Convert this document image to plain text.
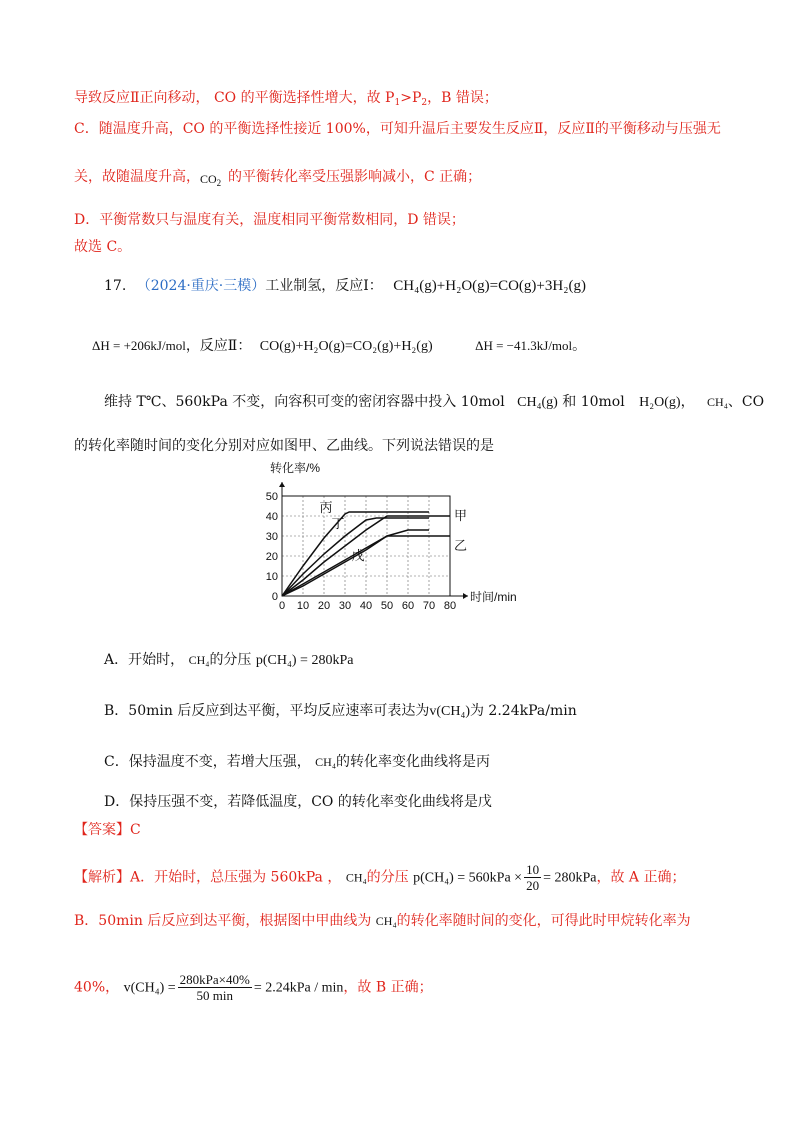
导致反应Ⅱ正向移动， CO 的平衡选择性增大，故 $P_1>P_2$，B 错误；
C．随温度升高，CO 的平衡选择性接近 100%，可知升温后主要发生反应Ⅱ，反应Ⅱ的平衡移动与压强无
关，故随温度升高， $CO_2$ 的平衡转化率受压强影响减小，C 正确；
D．平衡常数只与温度有关，温度相同平衡常数相同，D 错误；
故选 C。
17. （2024·重庆·三模）工业制氢，反应Ⅰ： CH₄(g)+H₂O(g)=CO(g)+3H₂(g)
ΔH = +206kJ/mol，反应Ⅱ： CO(g)+H₂O(g)=CO₂(g)+H₂(g)	ΔH = −41.3kJ/mol。
维持 T℃、560kPa 不变，向容积可变的密闭容器中投入 10mol CH₄(g) 和 10mol H₂O(g)， CH₄、CO
的转化率随时间的变化分别对应如图甲、乙曲线。下列说法错误的是
0 10 20 30 40 50 60 70 80
0
10
20
30
40
50
转化率/%
时间/min
丙
丁
甲
戊
乙
A．开始时， CH₄的分压 p(CH₄) = 280kPa
B．50min 后反应到达平衡，平均反应速率可表达为v(CH₄)为 2.24kPa/min
C．保持温度不变，若增大压强， CH₄的转化率变化曲线将是丙
D．保持压强不变，若降低温度，CO 的转化率变化曲线将是戊
【答案】C
【解析】A．开始时，总压强为 560kPa ， CH₄的分压 $p(CH_4) = 560kPa \times \frac{10}{20} = 280kPa$，故 A 正确；
B．50min 后反应到达平衡，根据图中甲曲线为 CH₄的转化率随时间的变化，可得此时甲烷转化率为
40%， $v(CH_4) = \frac{\text{280kPa×40\%}}{50 \min} = 2.24kPa / \min$，故 B 正确；
